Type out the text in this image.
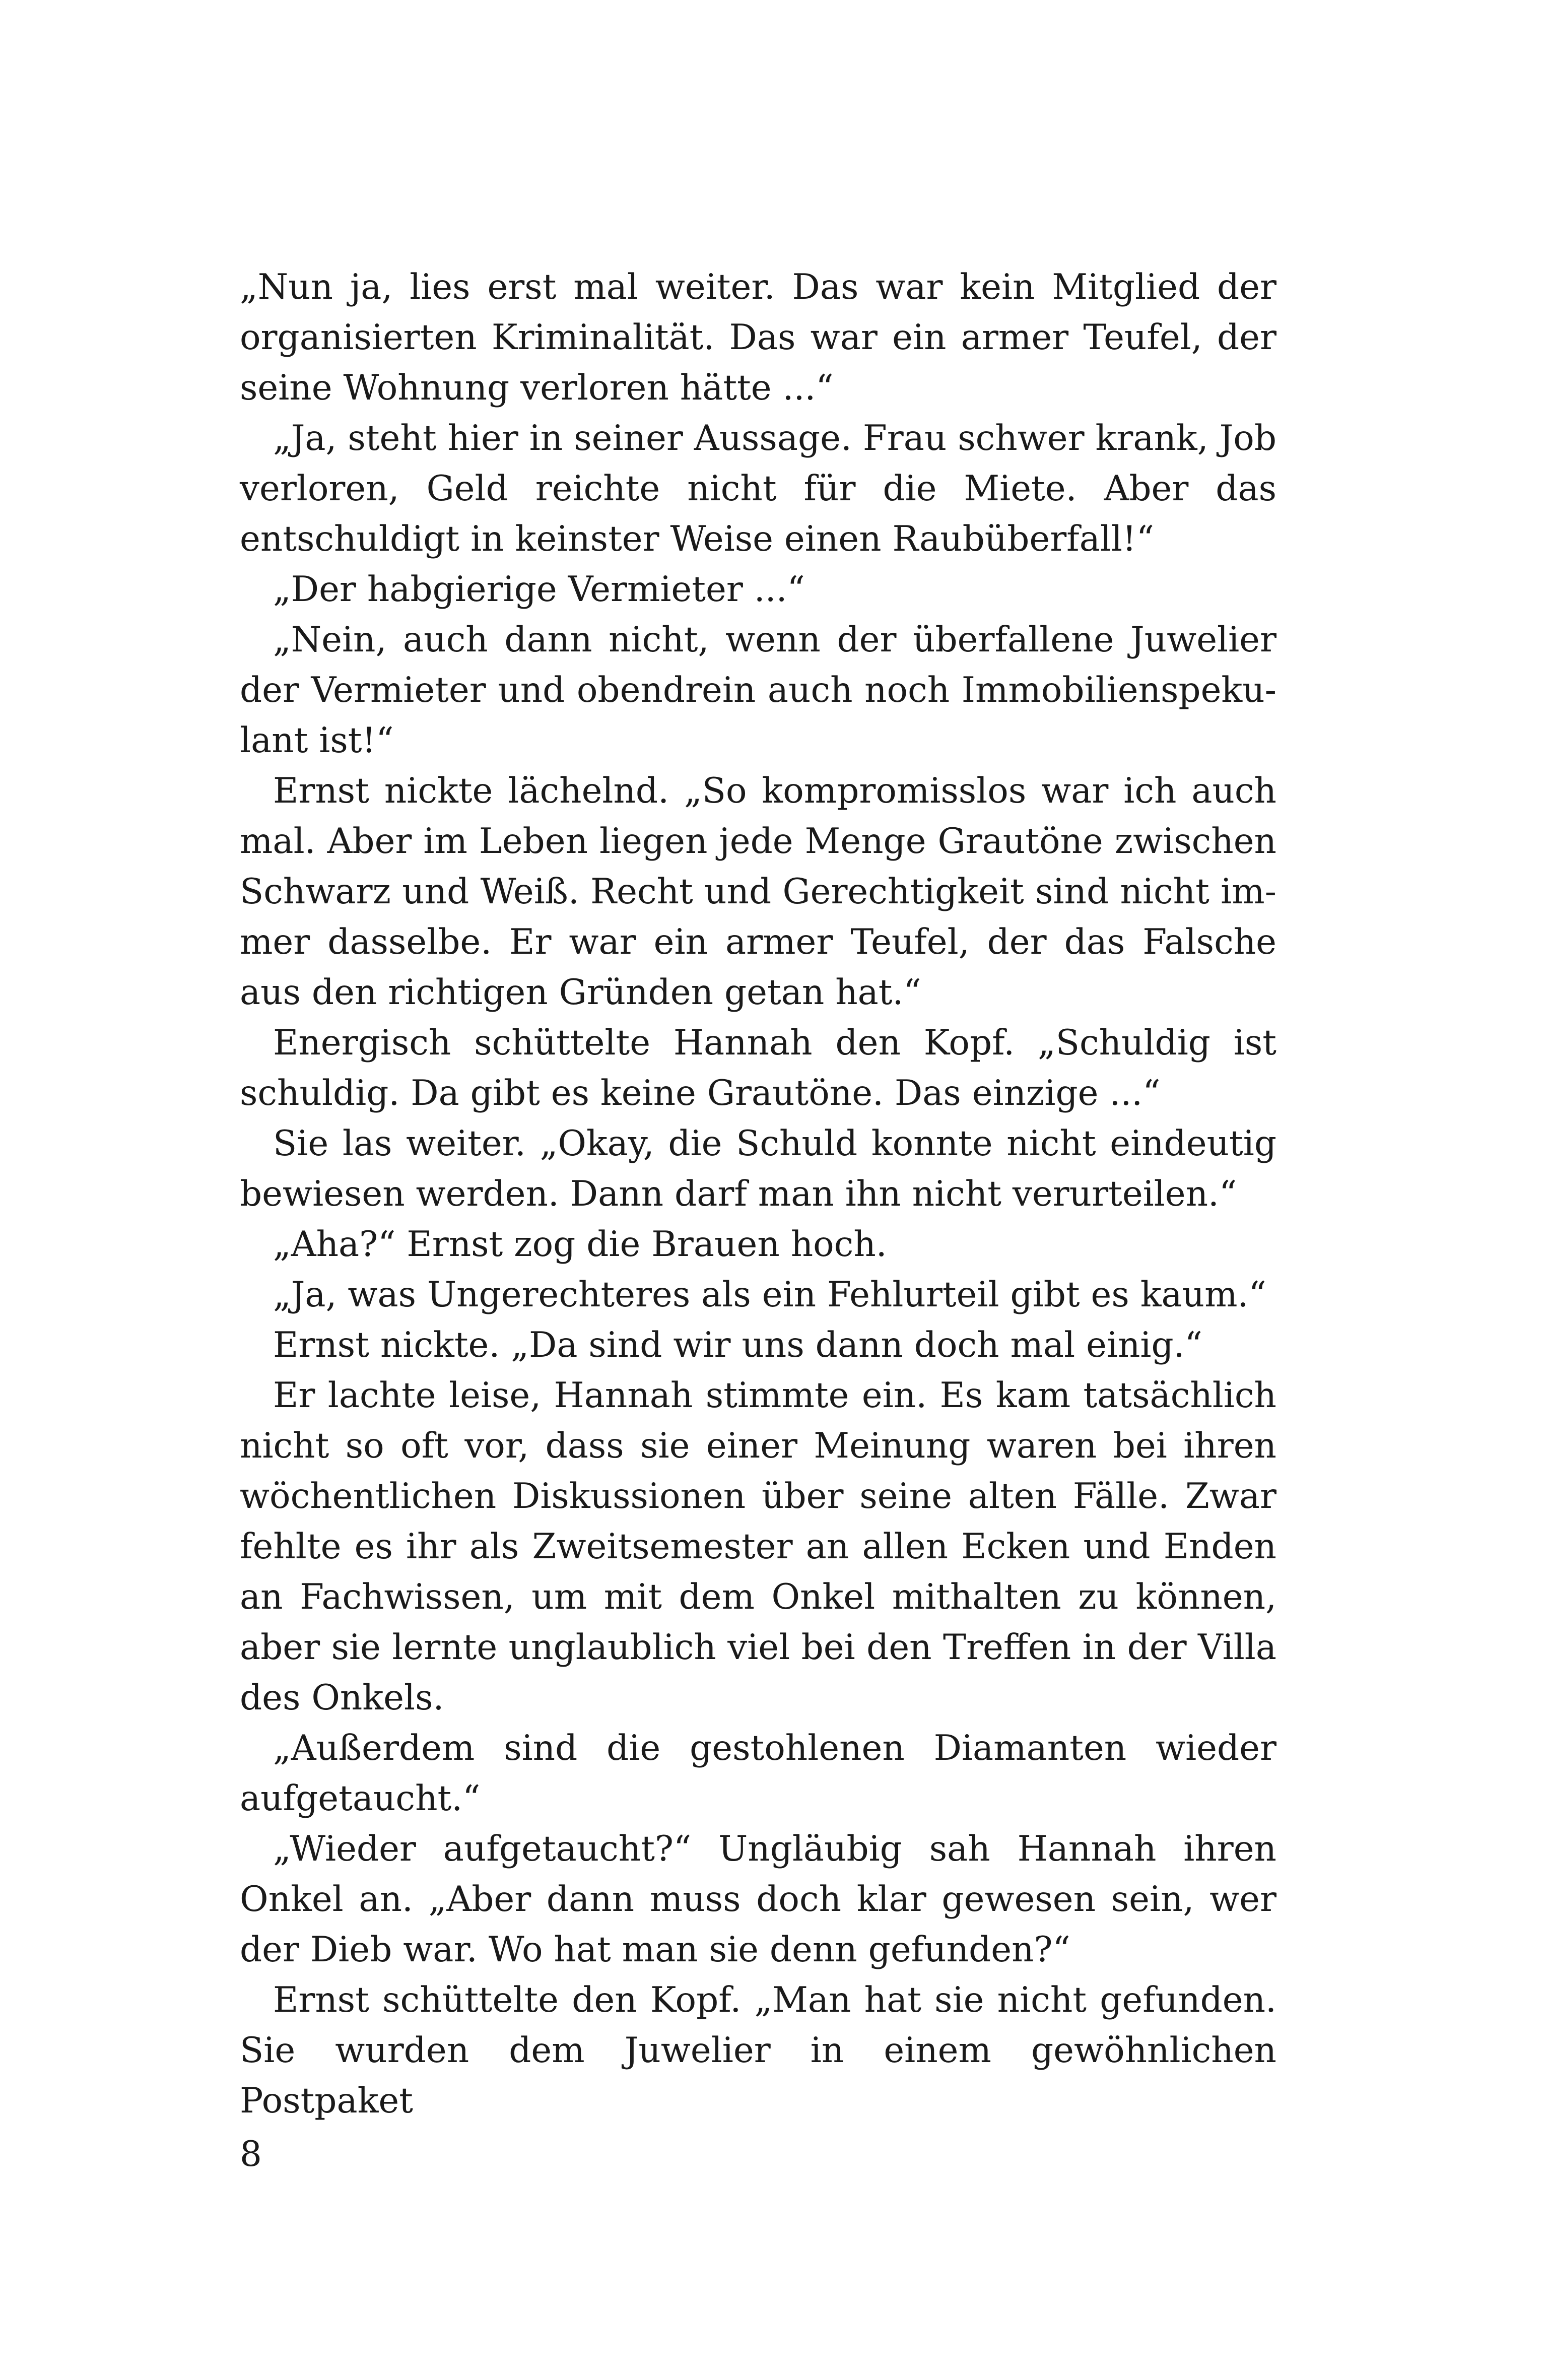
„Nun ja, lies erst mal weiter. Das war kein Mitglied der organisierten Kriminalität. Das war ein armer Teufel, der seine Wohnung verloren hätte ...“

„Ja, steht hier in seiner Aussage. Frau schwer krank, Job verloren, Geld reichte nicht für die Miete. Aber das entschuldigt in keinster Weise einen Raubüberfall!“

„Der habgierige Vermieter ...“

„Nein, auch dann nicht, wenn der überfallene Juwelier der Vermieter und obendrein auch noch Immobilienspekulant ist!“

Ernst nickte lächelnd. „So kompromisslos war ich auch mal. Aber im Leben liegen jede Menge Grautöne zwischen Schwarz und Weiß. Recht und Gerechtigkeit sind nicht immer dasselbe. Er war ein armer Teufel, der das Falsche aus den richtigen Gründen getan hat.“

Energisch schüttelte Hannah den Kopf. „Schuldig ist schuldig. Da gibt es keine Grautöne. Das einzige ...“

Sie las weiter. „Okay, die Schuld konnte nicht eindeutig bewiesen werden. Dann darf man ihn nicht verurteilen.“

„Aha?“ Ernst zog die Brauen hoch.

„Ja, was Ungerechteres als ein Fehlurteil gibt es kaum.“

Ernst nickte. „Da sind wir uns dann doch mal einig.“

Er lachte leise, Hannah stimmte ein. Es kam tatsächlich nicht so oft vor, dass sie einer Meinung waren bei ihren wöchentlichen Diskussionen über seine alten Fälle. Zwar fehlte es ihr als Zweitsemester an allen Ecken und Enden an Fachwissen, um mit dem Onkel mithalten zu können, aber sie lernte unglaublich viel bei den Treffen in der Villa des Onkels.

„Außerdem sind die gestohlenen Diamanten wieder aufgetaucht.“

„Wieder aufgetaucht?“ Ungläubig sah Hannah ihren Onkel an. „Aber dann muss doch klar gewesen sein, wer der Dieb war. Wo hat man sie denn gefunden?“

Ernst schüttelte den Kopf. „Man hat sie nicht gefunden. Sie wurden dem Juwelier in einem gewöhnlichen Postpaket

8
